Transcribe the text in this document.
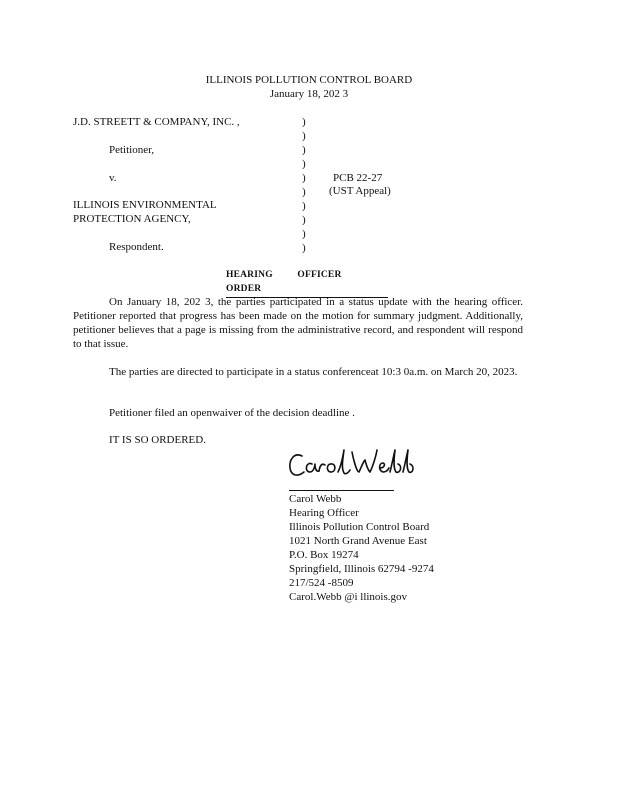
ILLINOIS POLLUTION CONTROL BOARD
January 18, 202 3
J.D. STREETT & COMPANY, INC. ,
Petitioner,
v.
ILLINOIS ENVIRONMENTAL
PROTECTION AGENCY,
Respondent.
)
)
)
)
)
)
)
)
)
)
PCB 22-27
(UST Appeal)
HEARING OFFICER ORDER
On January 18, 202 3, the parties participated in a status update with the hearing officer. Petitioner reported that progress has been made on the motion for summary judgment. Additionally, petitioner believes that a page is missing from the administrative record, and respondent will respond to that issue.
The parties are directed to participate in a status conferenceat 10:3 0a.m. on March 20, 2023.
Petitioner filed an openwaiver of the decision deadline .
IT IS SO ORDERED.
Carol Webb
Hearing Officer
Illinois Pollution Control Board
1021 North Grand Avenue East
P.O. Box 19274
Springfield, Illinois 62794 -9274
217/524 -8509
Carol.Webb @i llinois.gov
